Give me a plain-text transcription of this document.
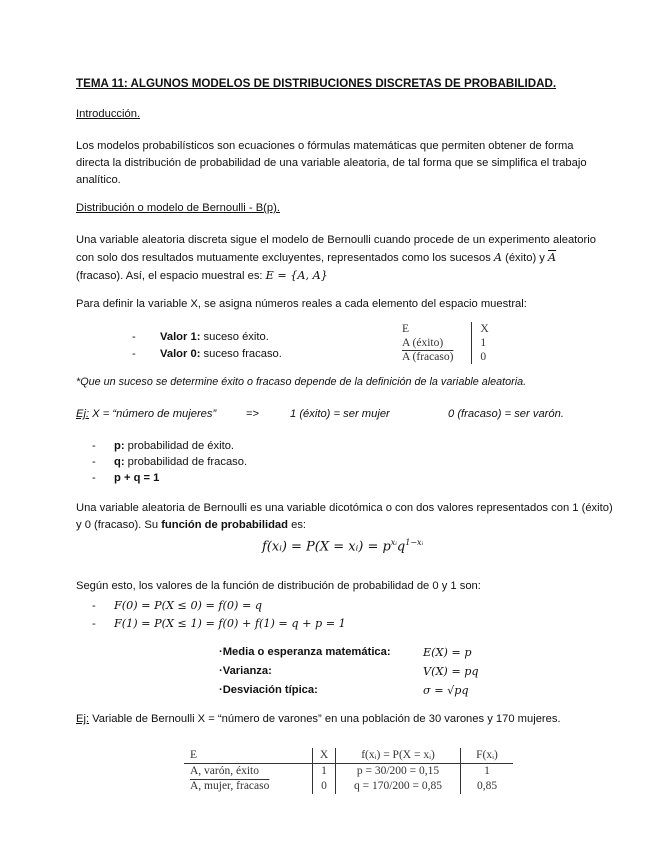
TEMA 11: ALGUNOS MODELOS DE DISTRIBUCIONES DISCRETAS DE PROBABILIDAD.

Introducción.

Los modelos probabilísticos son ecuaciones o fórmulas matemáticas que permiten obtener de forma directa la distribución de probabilidad de una variable aleatoria, de tal forma que se simplifica el trabajo analítico.

Distribución o modelo de Bernoulli - B(p).

Una variable aleatoria discreta sigue el modelo de Bernoulli cuando procede de un experimento aleatorio con solo dos resultados mutuamente excluyentes, representados como los sucesos A (éxito) y $\overline{A}$ (fracaso). Así, el espacio muestral es: E = {A, A}

Para definir la variable X, se asigna números reales a cada elemento del espacio muestral:

- Valor 1: suceso éxito.
- Valor 0: suceso fracaso.
E	X
A (éxito)	1
A (fracaso)	0

*Que un suceso se determine éxito o fracaso depende de la definición de la variable aleatoria.

Ej: X = “número de mujeres”	=>	1 (éxito) = ser mujer	0 (fracaso) = ser varón.
- p: probabilidad de éxito.
- q: probabilidad de fracaso.
- p + q = 1

Una variable aleatoria de Bernoulli es una variable dicotómica o con dos valores representados con 1 (éxito) y 0 (fracaso). Su función de probabilidad es:

f(xᵢ) = P(X = xᵢ) = $p^{xᵢ}q^{1-xᵢ}$

Según esto, los valores de la función de distribución de probabilidad de 0 y 1 son:

- F(0) = P(X ≤ 0) = f(0) = q
- F(1) = P(X ≤ 1) = f(0) + f(1) = q + p = 1
·Media o esperanza matemática:	E(X) = p
·Varianza:	V(X) = pq
·Desviación típica:	σ = √pq

Ej: Variable de Bernoulli X = “número de varones” en una población de 30 varones y 170 mujeres.

E	X	f(xᵢ) = P(X = xᵢ)	F(xᵢ)
A, varón, éxito	1	p = 30/200 = 0,15	1
A, mujer, fracaso	0	q = 170/200 = 0,85	0,85
